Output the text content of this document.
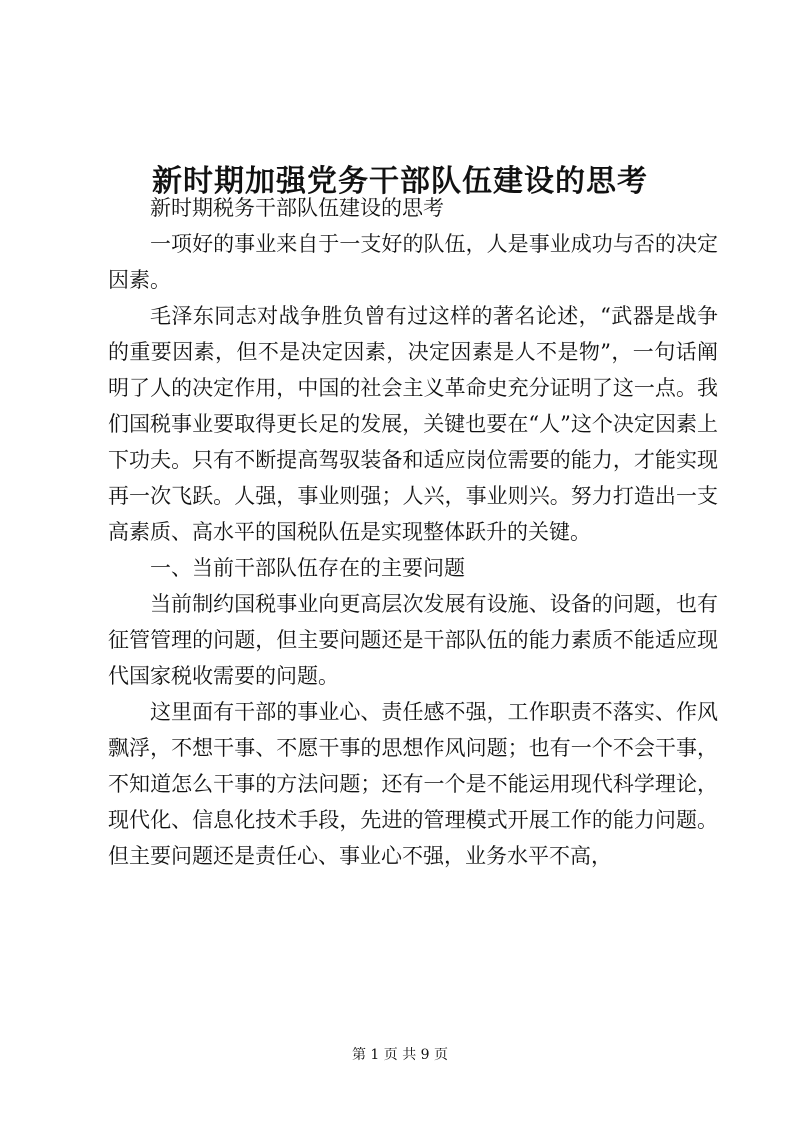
新时期加强党务干部队伍建设的思考

新时期税务干部队伍建设的思考

一项好的事业来自于一支好的队伍，人是事业成功与否的决定因素。

毛泽东同志对战争胜负曾有过这样的著名论述，“武器是战争的重要因素，但不是决定因素，决定因素是人不是物”，一句话阐明了人的决定作用，中国的社会主义革命史充分证明了这一点。我们国税事业要取得更长足的发展，关键也要在“人”这个决定因素上下功夫。只有不断提高驾驭装备和适应岗位需要的能力，才能实现再一次飞跃。人强，事业则强；人兴，事业则兴。努力打造出一支高素质、高水平的国税队伍是实现整体跃升的关键。

一、当前干部队伍存在的主要问题

当前制约国税事业向更高层次发展有设施、设备的问题，也有征管管理的问题，但主要问题还是干部队伍的能力素质不能适应现代国家税收需要的问题。

这里面有干部的事业心、责任感不强，工作职责不落实、作风飘浮，不想干事、不愿干事的思想作风问题；也有一个不会干事，不知道怎么干事的方法问题；还有一个是不能运用现代科学理论，现代化、信息化技术手段，先进的管理模式开展工作的能力问题。但主要问题还是责任心、事业心不强，业务水平不高，

第 1 页 共 9 页
